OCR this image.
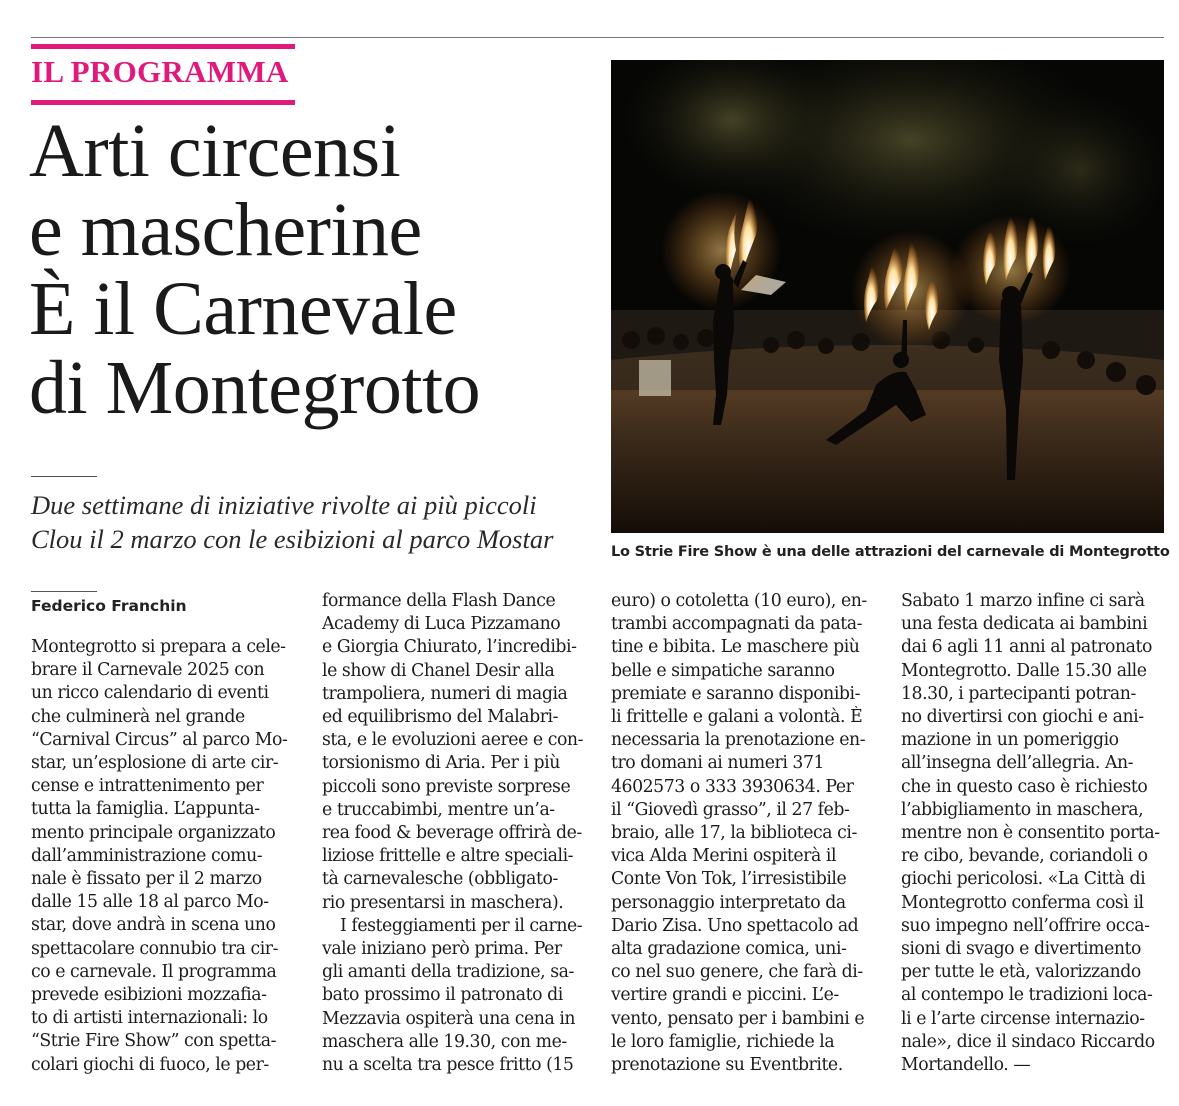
IL PROGRAMMA
Arti circensi
e mascherine
È il Carnevale
di Montegrotto
Due settimane di iniziative rivolte ai più piccoli
Clou il 2 marzo con le esibizioni al parco Mostar	Lo Strie Fire Show è una delle attrazioni del carnevale di Montegrotto
Federico Franchin
Montegrotto si prepara a cele-
brare il Carnevale 2025 con
un ricco calendario di eventi
che culminerà nel grande
“Carnival Circus” al parco Mo-
star, un’esplosione di arte cir-
cense e intrattenimento per
tutta la famiglia. L’appunta-
mento principale organizzato
dall’amministrazione comu-
nale è fissato per il 2 marzo
dalle 15 alle 18 al parco Mo-
star, dove andrà in scena uno
spettacolare connubio tra cir-
co e carnevale. Il programma
prevede esibizioni mozzafia-
to di artisti internazionali: lo
“Strie Fire Show” con spetta-
colari giochi di fuoco, le per-
formance della Flash Dance
Academy di Luca Pizzamano
e Giorgia Chiurato, l’incredibi-
le show di Chanel Desir alla
trampoliera, numeri di magia
ed equilibrismo del Malabri-
sta, e le evoluzioni aeree e con-
torsionismo di Aria. Per i più
piccoli sono previste sorprese
e truccabimbi, mentre un’a-
rea food & beverage offrirà de-
liziose frittelle e altre speciali-
tà carnevalesche (obbligato-
rio presentarsi in maschera).
I festeggiamenti per il carne-
vale iniziano però prima. Per
gli amanti della tradizione, sa-
bato prossimo il patronato di
Mezzavia ospiterà una cena in
maschera alle 19.30, con me-
nu a scelta tra pesce fritto (15
euro) o cotoletta (10 euro), en-
trambi accompagnati da pata-
tine e bibita. Le maschere più
belle e simpatiche saranno
premiate e saranno disponibi-
li frittelle e galani a volontà. È
necessaria la prenotazione en-
tro domani ai numeri 371
4602573 o 333 3930634. Per
il “Giovedì grasso”, il 27 feb-
braio, alle 17, la biblioteca ci-
vica Alda Merini ospiterà il
Conte Von Tok, l’irresistibile
personaggio interpretato da
Dario Zisa. Uno spettacolo ad
alta gradazione comica, uni-
co nel suo genere, che farà di-
vertire grandi e piccini. L’e-
vento, pensato per i bambini e
le loro famiglie, richiede la
prenotazione su Eventbrite.
Sabato 1 marzo infine ci sarà
una festa dedicata ai bambini
dai 6 agli 11 anni al patronato
Montegrotto. Dalle 15.30 alle
18.30, i partecipanti potran-
no divertirsi con giochi e ani-
mazione in un pomeriggio
all’insegna dell’allegria. An-
che in questo caso è richiesto
l’abbigliamento in maschera,
mentre non è consentito porta-
re cibo, bevande, coriandoli o
giochi pericolosi. «La Città di
Montegrotto conferma così il
suo impegno nell’offrire occa-
sioni di svago e divertimento
per tutte le età, valorizzando
al contempo le tradizioni loca-
li e l’arte circense internazio-
nale», dice il sindaco Riccardo
Mortandello. —
